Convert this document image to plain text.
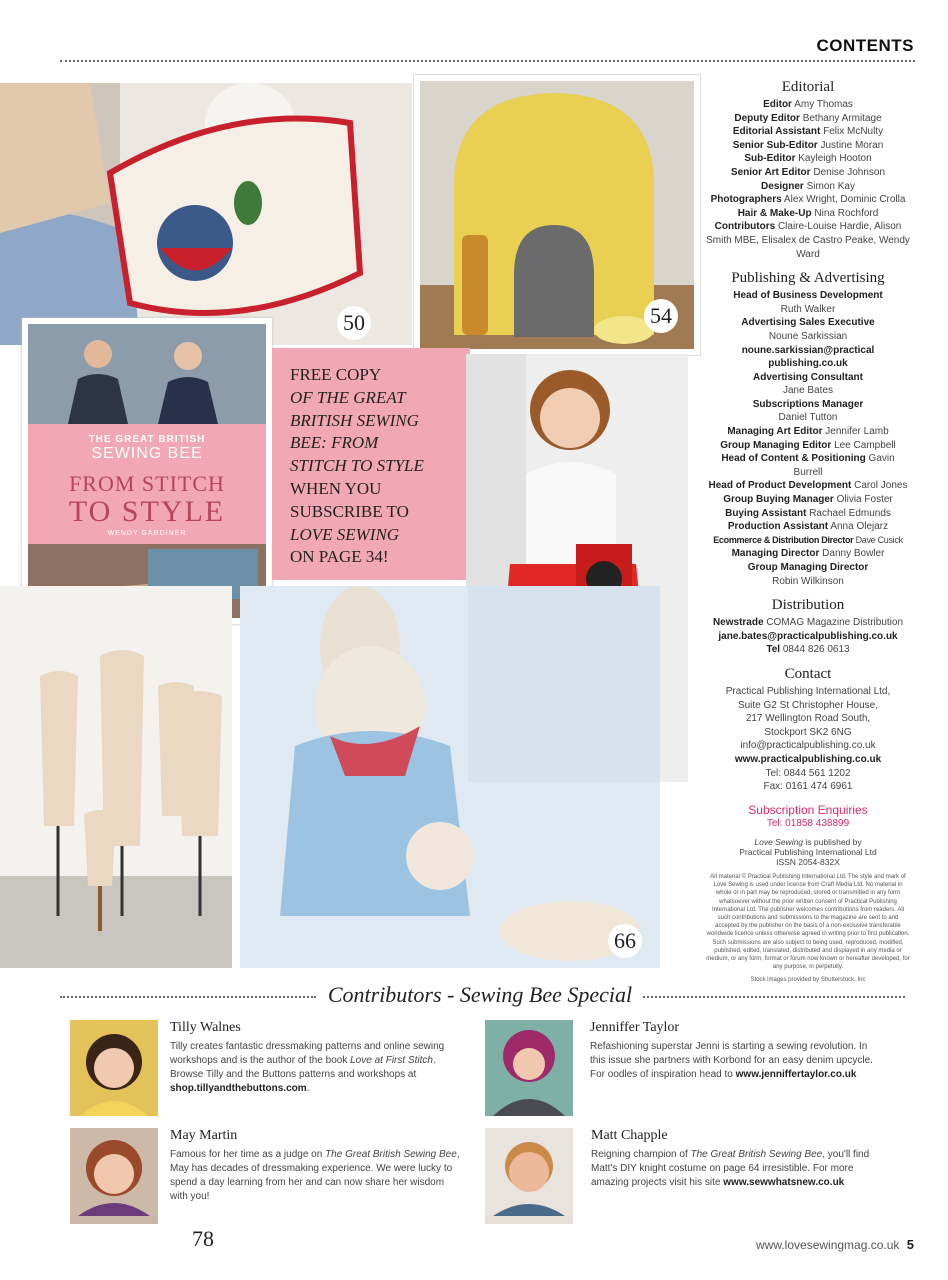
CONTENTS
50	54
THE GREAT BRITISH
SEWING BEE
FROM STITCH
TO STYLE
WENDY GARDINER
FREE COPY
OF THE GREAT
BRITISH SEWING
BEE: FROM
STITCH TO STYLE
WHEN YOU
SUBSCRIBE TO
LOVE SEWING
ON PAGE 34!
78
66
Editorial
Editor Amy Thomas
Deputy Editor Bethany Armitage
Editorial Assistant Felix McNulty
Senior Sub-Editor Justine Moran
Sub-Editor Kayleigh Hooton
Senior Art Editor Denise Johnson
Designer Simon Kay
Photographers Alex Wright, Dominic Crolla
Hair & Make-Up Nina Rochford
Contributors Claire-Louise Hardie, Alison Smith MBE, Elisalex de Castro Peake, Wendy Ward
Publishing & Advertising
Head of Business Development
Ruth Walker
Advertising Sales Executive
Noune Sarkissian
noune.sarkissian@practical publishing.co.uk
Advertising Consultant
Jane Bates
Subscriptions Manager
Daniel Tutton
Managing Art Editor Jennifer Lamb
Group Managing Editor Lee Campbell
Head of Content & Positioning Gavin Burrell
Head of Product Development Carol Jones
Group Buying Manager Olivia Foster
Buying Assistant Rachael Edmunds
Production Assistant Anna Olejarz
Ecommerce & Distribution Director Dave Cusick
Managing Director Danny Bowler
Group Managing Director
Robin Wilkinson
Distribution
Newstrade COMAG Magazine Distribution
jane.bates@practicalpublishing.co.uk
Tel 0844 826 0613
Contact
Practical Publishing International Ltd,
Suite G2 St Christopher House,
217 Wellington Road South,
Stockport SK2 6NG
info@practicalpublishing.co.uk
www.practicalpublishing.co.uk
Tel: 0844 561 1202
Fax: 0161 474 6961
Subscription Enquiries
Tel: 01858 438899
Love Sewing is published by
Practical Publishing International Ltd
ISSN 2054-832X
All material © Practical Publishing International Ltd. The style and mark of Love Sewing is used under licence from Craft Media Ltd. No material in whole or in part may be reproduced, stored or transmitted in any form whatsoever without the prior written consent of Practical Publishing International Ltd. The publisher welcomes contributions from readers. All such contributions and submissions to the magazine are sent to and accepted by the publisher on the basis of a non-exclusive transferable worldwide licence unless otherwise agreed in writing prior to first publication. Such submissions are also subject to being used, reproduced, modified, published, edited, translated, distributed and displayed in any media or medium, or any form, format or forum now known or hereafter developed, for any purpose, in perpetuity.
Stock images provided by Shutterstock, Inc
Contributors - Sewing Bee Special
Tilly Walnes
Tilly creates fantastic dressmaking patterns and online sewing workshops and is the author of the book Love at First Stitch. Browse Tilly and the Buttons patterns and workshops at shop.tillyandthebuttons.com.
Jenniffer Taylor
Refashioning superstar Jenni is starting a sewing revolution. In this issue she partners with Korbond for an easy denim upcycle. For oodles of inspiration head to www.jenniffertaylor.co.uk
May Martin
Famous for her time as a judge on The Great British Sewing Bee, May has decades of dressmaking experience. We were lucky to spend a day learning from her and can now share her wisdom with you!
Matt Chapple
Reigning champion of The Great British Sewing Bee, you'll find Matt's DIY knight costume on page 64 irresistible. For more amazing projects visit his site www.sewwhatsnew.co.uk
www.lovesewingmag.co.uk 5
